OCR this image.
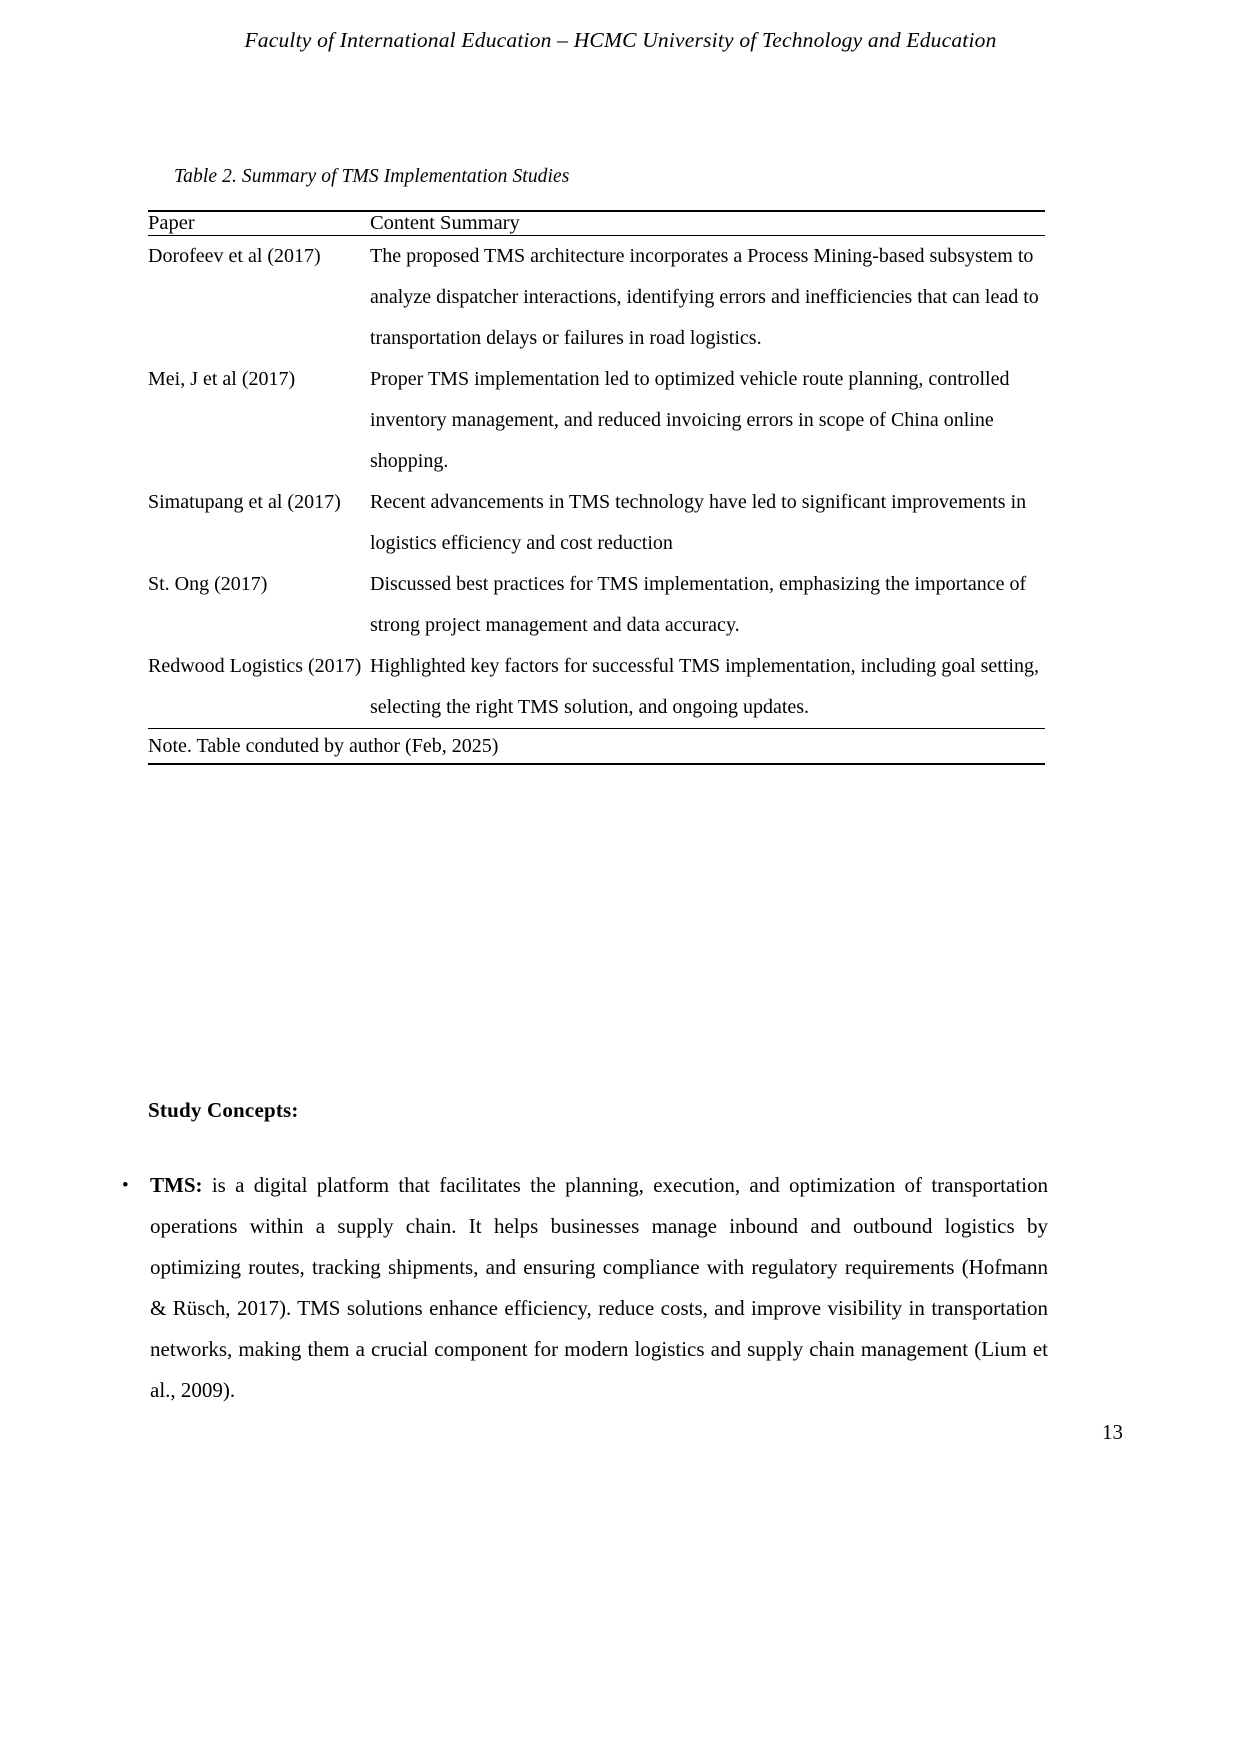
Faculty of International Education – HCMC University of Technology and Education
Table 2. Summary of TMS Implementation Studies
Paper	Content Summary
Dorofeev et al (2017)	The proposed TMS architecture incorporates a Process Mining-based subsystem to analyze dispatcher interactions, identifying errors and inefficiencies that can lead to transportation delays or failures in road logistics.
Mei, J et al (2017)	Proper TMS implementation led to optimized vehicle route planning, controlled inventory management, and reduced invoicing errors in scope of China online shopping.
Simatupang et al (2017)	Recent advancements in TMS technology have led to significant improvements in logistics efficiency and cost reduction
St. Ong (2017)	Discussed best practices for TMS implementation, emphasizing the importance of strong project management and data accuracy.
Redwood Logistics (2017)	Highlighted key factors for successful TMS implementation, including goal setting, selecting the right TMS solution, and ongoing updates.
Note. Table conduted by author (Feb, 2025)	

Study Concepts:
• TMS: is a digital platform that facilitates the planning, execution, and optimization of transportation operations within a supply chain. It helps businesses manage inbound and outbound logistics by optimizing routes, tracking shipments, and ensuring compliance with regulatory requirements (Hofmann & Rüsch, 2017). TMS solutions enhance efficiency, reduce costs, and improve visibility in transportation networks, making them a crucial component for modern logistics and supply chain management (Lium et al., 2009).
13
